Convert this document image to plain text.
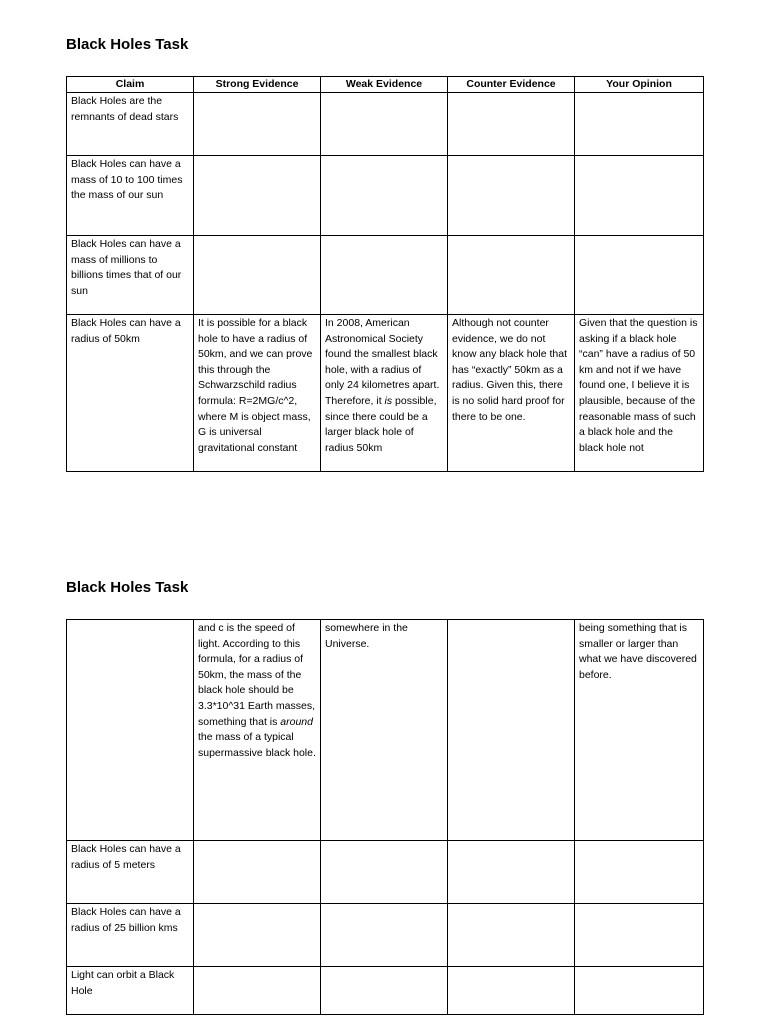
Black Holes Task
Claim	Strong Evidence	Weak Evidence	Counter Evidence	Your Opinion
Black Holes are the remnants of dead stars				
Black Holes can have a mass of 10 to 100 times the mass of our sun				
Black Holes can have a mass of millions to billions times that of our sun				
Black Holes can have a radius of 50km	It is possible for a black hole to have a radius of 50km, and we can prove this through the Schwarzschild radius formula: R=2MG/c^2, where M is object mass, G is universal gravitational constant	In 2008, American Astronomical Society found the smallest black hole, with a radius of only 24 kilometres apart. Therefore, it is possible, since there could be a larger black hole of radius 50km	Although not counter evidence, we do not know any black hole that has “exactly” 50km as a radius. Given this, there is no solid hard proof for there to be one.	Given that the question is asking if a black hole “can” have a radius of 50 km and not if we have found one, I believe it is plausible, because of the reasonable mass of such a black hole and the black hole not
Black Holes Task
	and c is the speed of light. According to this formula, for a radius of 50km, the mass of the black hole should be 3.3*10^31 Earth masses, something that is around the mass of a typical supermassive black hole.	somewhere in the Universe.		being something that is smaller or larger than what we have discovered before.
Black Holes can have a radius of 5 meters				
Black Holes can have a radius of 25 billion kms				
Light can orbit a Black Hole				
